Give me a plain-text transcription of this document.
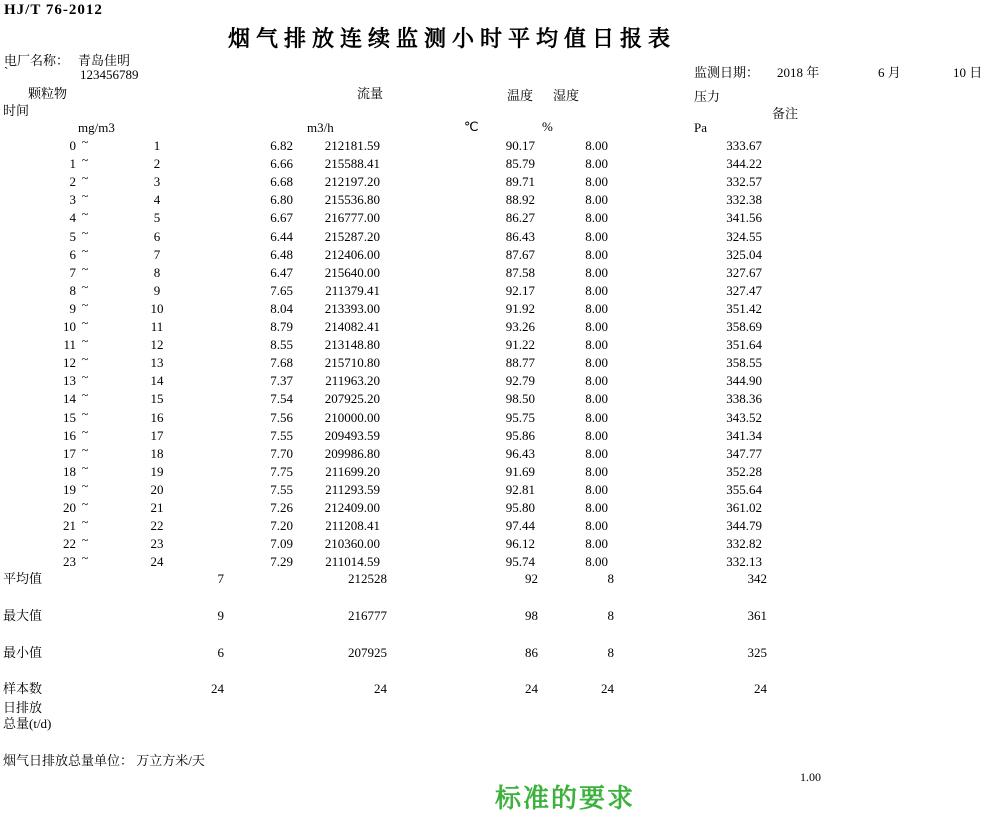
HJ/T 76-2012
烟气排放连续监测小时平均值日报表
电厂名称： 青岛佳明
`	123456789	监测日期： 2018 年	6 月	10 日
时间
颗粒物	流量	温度 湿度	压力
备注
mg/m3	m3/h	℃	%	Pa
0 ~	1	6.82	212181.59	90.17	8.00	333.67
1 ~	2	6.66	215588.41	85.79	8.00	344.22
2 ~	3	6.68	212197.20	89.71	8.00	332.57
3 ~	4	6.80	215536.80	88.92	8.00	332.38
4 ~	5	6.67	216777.00	86.27	8.00	341.56
5 ~	6	6.44	215287.20	86.43	8.00	324.55
6 ~	7	6.48	212406.00	87.67	8.00	325.04
7 ~	8	6.47	215640.00	87.58	8.00	327.67
8 ~	9	7.65	211379.41	92.17	8.00	327.47
9 ~	10	8.04	213393.00	91.92	8.00	351.42
10 ~	11	8.79	214082.41	93.26	8.00	358.69
11 ~	12	8.55	213148.80	91.22	8.00	351.64
12 ~	13	7.68	215710.80	88.77	8.00	358.55
13 ~	14	7.37	211963.20	92.79	8.00	344.90
14 ~	15	7.54	207925.20	98.50	8.00	338.36
15 ~	16	7.56	210000.00	95.75	8.00	343.52
16 ~	17	7.55	209493.59	95.86	8.00	341.34
17 ~	18	7.70	209986.80	96.43	8.00	347.77
18 ~	19	7.75	211699.20	91.69	8.00	352.28
19 ~	20	7.55	211293.59	92.81	8.00	355.64
20 ~	21	7.26	212409.00	95.80	8.00	361.02
21 ~	22	7.20	211208.41	97.44	8.00	344.79
22 ~	23	7.09	210360.00	96.12	8.00	332.82
23 ~	24	7.29	211014.59	95.74	8.00	332.13
平均值	7	212528	92	8	342
最大值	9	216777	98	8	361
最小值	6	207925	86	8	325
样本数	24	24	24	24	24
日排放
总量(t/d)
烟气日排放总量单位： 万立方米/天
1.00
标准的要求
